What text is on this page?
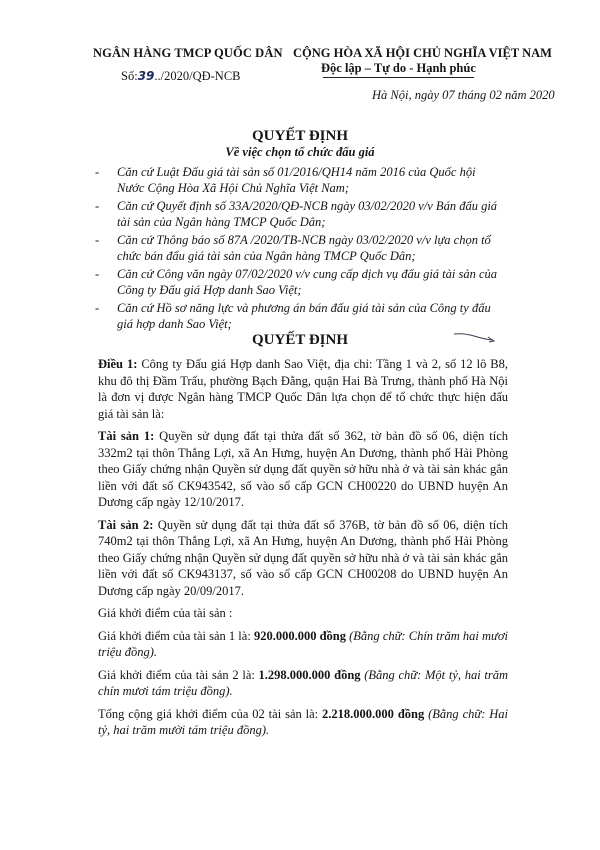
NGÂN HÀNG TMCP QUỐC DÂN CỘNG HÒA XÃ HỘI CHỦ NGHĨA VIỆT NAM
Độc lập – Tự do - Hạnh phúc
Số:39../2020/QĐ-NCB
Hà Nội, ngày 07 tháng 02 năm 2020
QUYẾT ĐỊNH
Về việc chọn tổ chức đấu giá
- Căn cứ Luật Đấu giá tài sản số 01/2016/QH14 năm 2016 của Quốc hội Nước Cộng Hòa Xã Hội Chủ Nghĩa Việt Nam;
- Căn cứ Quyết định số 33A/2020/QĐ-NCB ngày 03/02/2020 v/v Bán đấu giá tài sản của Ngân hàng TMCP Quốc Dân;
- Căn cứ Thông báo số 87A /2020/TB-NCB ngày 03/02/2020 v/v lựa chọn tổ chức bán đấu giá tài sản của Ngân hàng TMCP Quốc Dân;
- Căn cứ Công văn ngày 07/02/2020 v/v cung cấp dịch vụ đấu giá tài sản của Công ty Đấu giá Hợp danh Sao Việt;
- Căn cứ Hồ sơ năng lực và phương án bán đấu giá tài sản của Công ty đấu giá hợp danh Sao Việt;
QUYẾT ĐỊNH

Điều 1: Công ty Đấu giá Hợp danh Sao Việt, địa chỉ: Tầng 1 và 2, số 12 lô B8, khu đô thị Đầm Trấu, phường Bạch Đằng, quận Hai Bà Trưng, thành phố Hà Nội là đơn vị được Ngân hàng TMCP Quốc Dân lựa chọn để tổ chức thực hiện đấu giá tài sản là:

Tài sản 1: Quyền sử dụng đất tại thửa đất số 362, tờ bản đồ số 06, diện tích 332m2 tại thôn Thắng Lợi, xã An Hưng, huyện An Dương, thành phố Hải Phòng theo Giấy chứng nhận Quyền sử dụng đất quyền sở hữu nhà ở và tài sản khác gắn liền với đất số CK943542, số vào sổ cấp GCN CH00220 do UBND huyện An Dương cấp ngày 12/10/2017.

Tài sản 2: Quyền sử dụng đất tại thửa đất số 376B, tờ bản đồ số 06, diện tích 740m2 tại thôn Thắng Lợi, xã An Hưng, huyện An Dương, thành phố Hải Phòng theo Giấy chứng nhận Quyền sử dụng đất quyền sở hữu nhà ở và tài sản khác gắn liền với đất số CK943137, số vào sổ cấp GCN CH00208 do UBND huyện An Dương cấp ngày 20/09/2017.

Giá khởi điểm của tài sản :

Giá khởi điểm của tài sản 1 là: 920.000.000 đồng (Bằng chữ: Chín trăm hai mươi triệu đồng).

Giá khởi điểm của tài sản 2 là: 1.298.000.000 đồng (Bằng chữ: Một tỷ, hai trăm chín mươi tám triệu đồng).

Tổng cộng giá khởi điểm của 02 tài sản là: 2.218.000.000 đồng (Bằng chữ: Hai tỷ, hai trăm mười tám triệu đồng).
